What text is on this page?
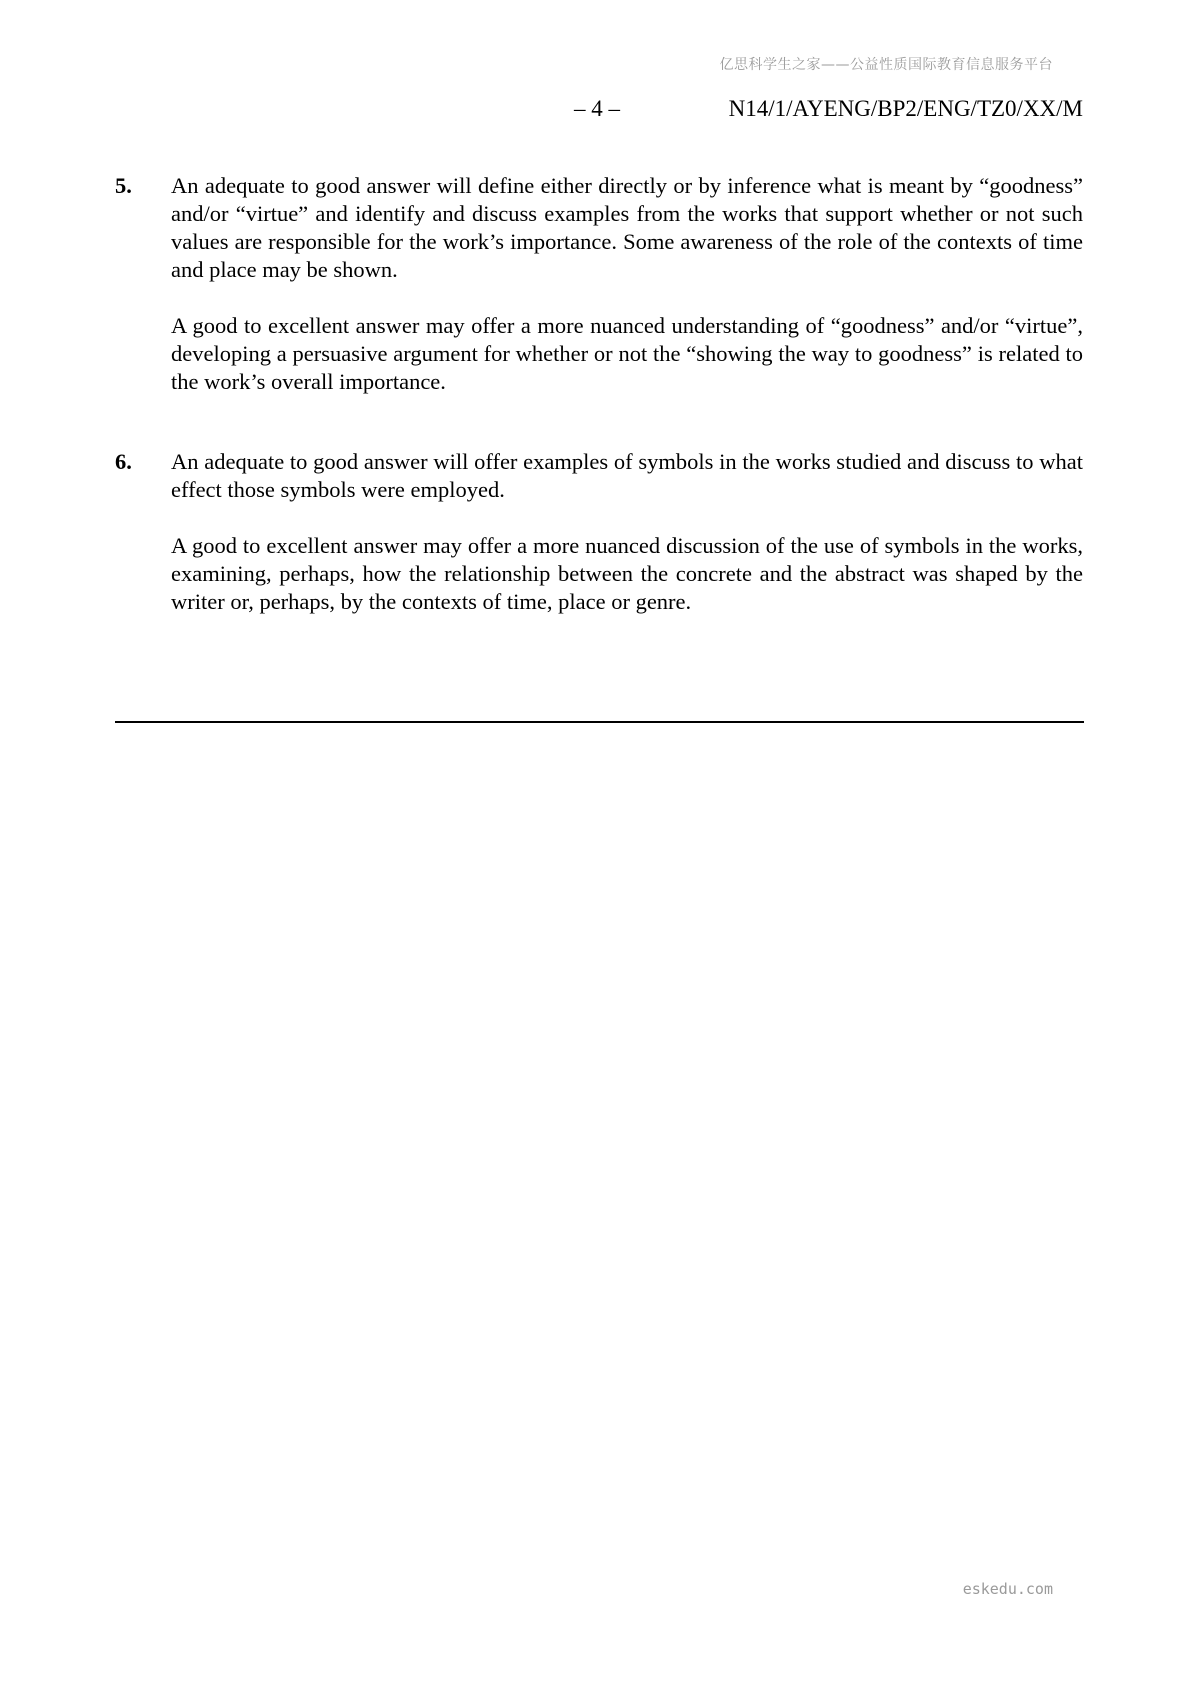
亿思科学生之家——公益性质国际教育信息服务平台
– 4 –	N14/1/AYENG/BP2/ENG/TZ0/XX/M
5. An adequate to good answer will define either directly or by inference what is meant by “goodness” and/or “virtue” and identify and discuss examples from the works that support whether or not such values are responsible for the work’s importance. Some awareness of the role of the contexts of time and place may be shown.

A good to excellent answer may offer a more nuanced understanding of “goodness” and/or “virtue”, developing a persuasive argument for whether or not the “showing the way to goodness” is related to the work’s overall importance.

6. An adequate to good answer will offer examples of symbols in the works studied and discuss to what effect those symbols were employed.

A good to excellent answer may offer a more nuanced discussion of the use of symbols in the works, examining, perhaps, how the relationship between the concrete and the abstract was shaped by the writer or, perhaps, by the contexts of time, place or genre.

eskedu.com
